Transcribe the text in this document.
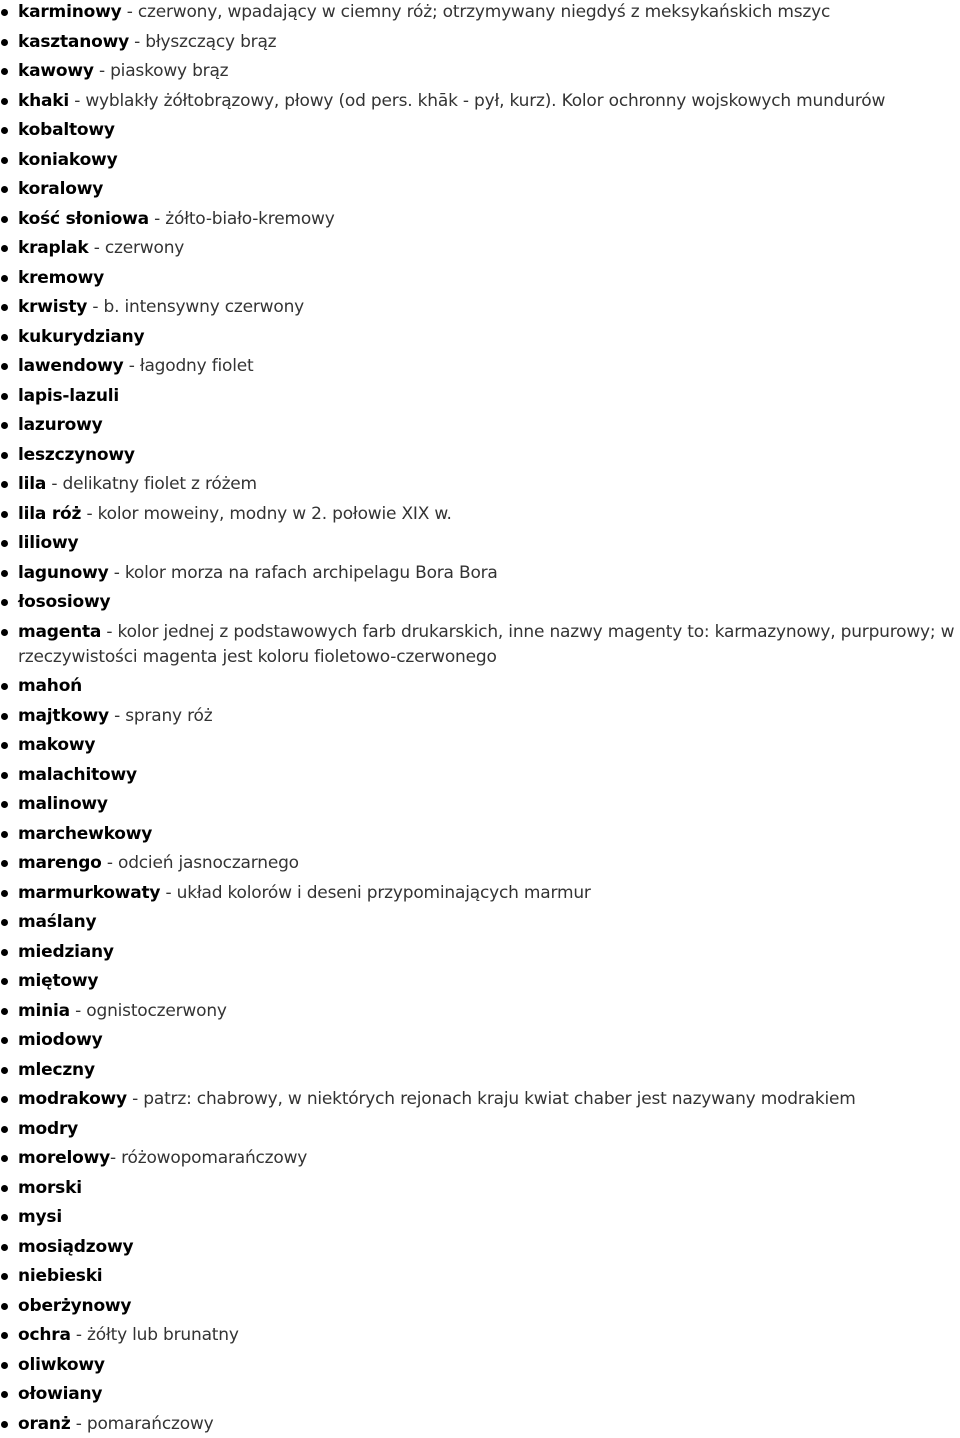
karminowy - czerwony, wpadający w ciemny róż; otrzymywany niegdyś z meksykańskich mszyc
kasztanowy - błyszczący brąz
kawowy - piaskowy brąz
khaki - wyblakły żółtobrązowy, płowy (od pers. khāk - pył, kurz). Kolor ochronny wojskowych mundurów
kobaltowy
koniakowy
koralowy
kość słoniowa - żółto-biało-kremowy
kraplak - czerwony
kremowy
krwisty - b. intensywny czerwony
kukurydziany
lawendowy - łagodny fiolet
lapis-lazuli
lazurowy
leszczynowy
lila - delikatny fiolet z różem
lila róż - kolor moweiny, modny w 2. połowie XIX w.
liliowy
lagunowy - kolor morza na rafach archipelagu Bora Bora
łososiowy
magenta - kolor jednej z podstawowych farb drukarskich, inne nazwy magenty to: karmazynowy, purpurowy; w rzeczywistości magenta jest koloru fioletowo-czerwonego
mahoń
majtkowy - sprany róż
makowy
malachitowy
malinowy
marchewkowy
marengo - odcień jasnoczarnego
marmurkowaty - układ kolorów i deseni przypominających marmur
maślany
miedziany
miętowy
minia - ognistoczerwony
miodowy
mleczny
modrakowy - patrz: chabrowy, w niektórych rejonach kraju kwiat chaber jest nazywany modrakiem
modry
morelowy- różowopomarańczowy
morski
mysi
mosiądzowy
niebieski
oberżynowy
ochra - żółty lub brunatny
oliwkowy
ołowiany
oranż - pomarańczowy
